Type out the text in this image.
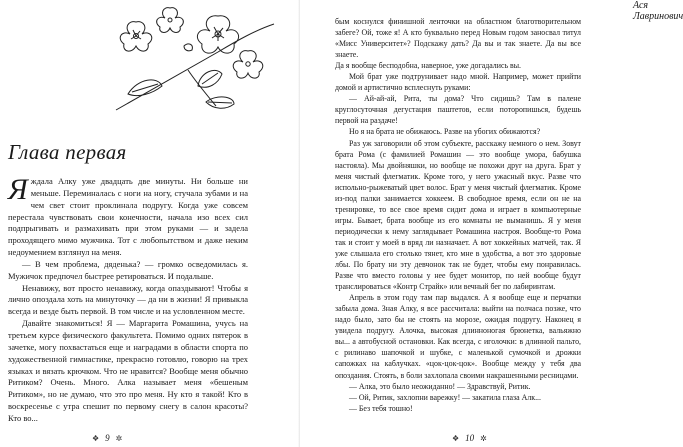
Глава первая

Яждала Алку уже двадцать две минуты. Ни больше ни меньше. Переминалась с ноги на ногу, стучала зубами и на чем свет стоит проклинала подругу. Когда уже совсем перестала чувствовать свои конечности, начала изо всех сил подпрыгивать и размахивать при этом руками — и задела проходящего мимо мужчика. Тот с любопытством и даже неким недоумением взглянул на меня.

— В чем проблема, дяденька? — громко осведомилась я. Мужичок предпочел быстрее ретироваться. И подальше.

Ненавижу, вот просто ненавижу, когда опаздывают! Чтобы я лично опоздала хоть на минуточку — да ни в жизни! Я привыкла всегда и везде быть первой. В том числе и на условленном месте.

Давайте знакомиться! Я — Маргарита Ромашина, учусь на третьем курсе физического факультета. Помимо одних пятерок в зачетке, могу похвастаться еще и наградами в области спорта по художественной гимнастике, прекрасно готовлю, говорю на трех языках и вязать крючком. Что не нравится? Вообще меня обычно Ритиком? Очень. Много. Алка называет меня «бешеным Ритиком», но не думаю, что это про меня. Ну кто я такой! Кто в воскресенье с утра спешит по первому снегу в салон красоты? Кто во...

❖ 9 ✲
Ася Лавринович

бым коснулся финишной ленточки на областном благотворительном забеге? Ой, тоже я! А кто буквально перед Новым годом заносвал титул «Мисс Университет»? Подскажу дать? Да вы и так знаете. Да вы все знаете.

Да я вообще бесподобна, наверное, уже догадались вы.

Мой брат уже подтрунивает надо мной. Например, может прийти домой и артистично всплеснуть руками:

— Ай-ай-ай, Рита, ты дома? Что сидишь? Там в палене круглосуточная дегустация паштетов, если поторопишься, будешь первой на раздаче!

Но я на брата не обижаюсь. Разве на убогих обижаются?

Раз уж заговорили об этом субъекте, расскажу немного о нем. Зовут брата Рома (с фамилией Ромашин — это вообще умора, бабушка настояла). Мы двойняшки, но вообще не похожи друг на друга. Брат у меня чистый флегматик. Кроме того, у него ужасный вкус. Разве что испольно-рыжеватый цвет волос. Брат у меня чистый флегматик. Кроме из-под палки занимается хоккеем. В свободное время, если он не на тренировке, то все свое время сидит дома и играет в компьютерные игры. Бывает, брата вообще из его комнаты не выманишь. Я у меня периодически к нему заглядывает Ромашина настроя. Вообще-то Рома так и стоит у моей в вряд ли назначает. А вот хоккейных матчей, так. Я уже слышала его столько тянет, кто мне в удобства, а вот это здоровые лбы. По брату ни эту девчонок так не будет, чтобы ему понравилась. Разве что вместо головы у нее будет монитор, по ней вообще будут транслироваться «Контр Страйк» или вечный бег по лабиринтам.

Апрель в этом году там пар выдался. А я вообще еще и перчатки забыла дома. Зная Алку, я все рассчитала: выйти на полчаса позже, что надо было, зато бы не стоять на морозе, ожидая подругу. Наконец я увидела подругу. Алочка, высокая длинноногая брюнетка, вальяжно вы... а автобусной остановки. Как всегда, с иголочки: в длинной пальто, с рилинаво шапочкой и шубке, с маленькой сумочкой и дрожки сапожках на каблучках. «цок-цок-цок». Вообще между у тебя два опоздания. Стоять, в боли захлопала своими накрашенными ресницами.

— Алка, это было неожиданно! — Здравствуй, Ритик.

— Ой, Ритик, захлопни варежку! — закатила глаза Алк...

— Без тебя тошно!

❖ 10 ✲
